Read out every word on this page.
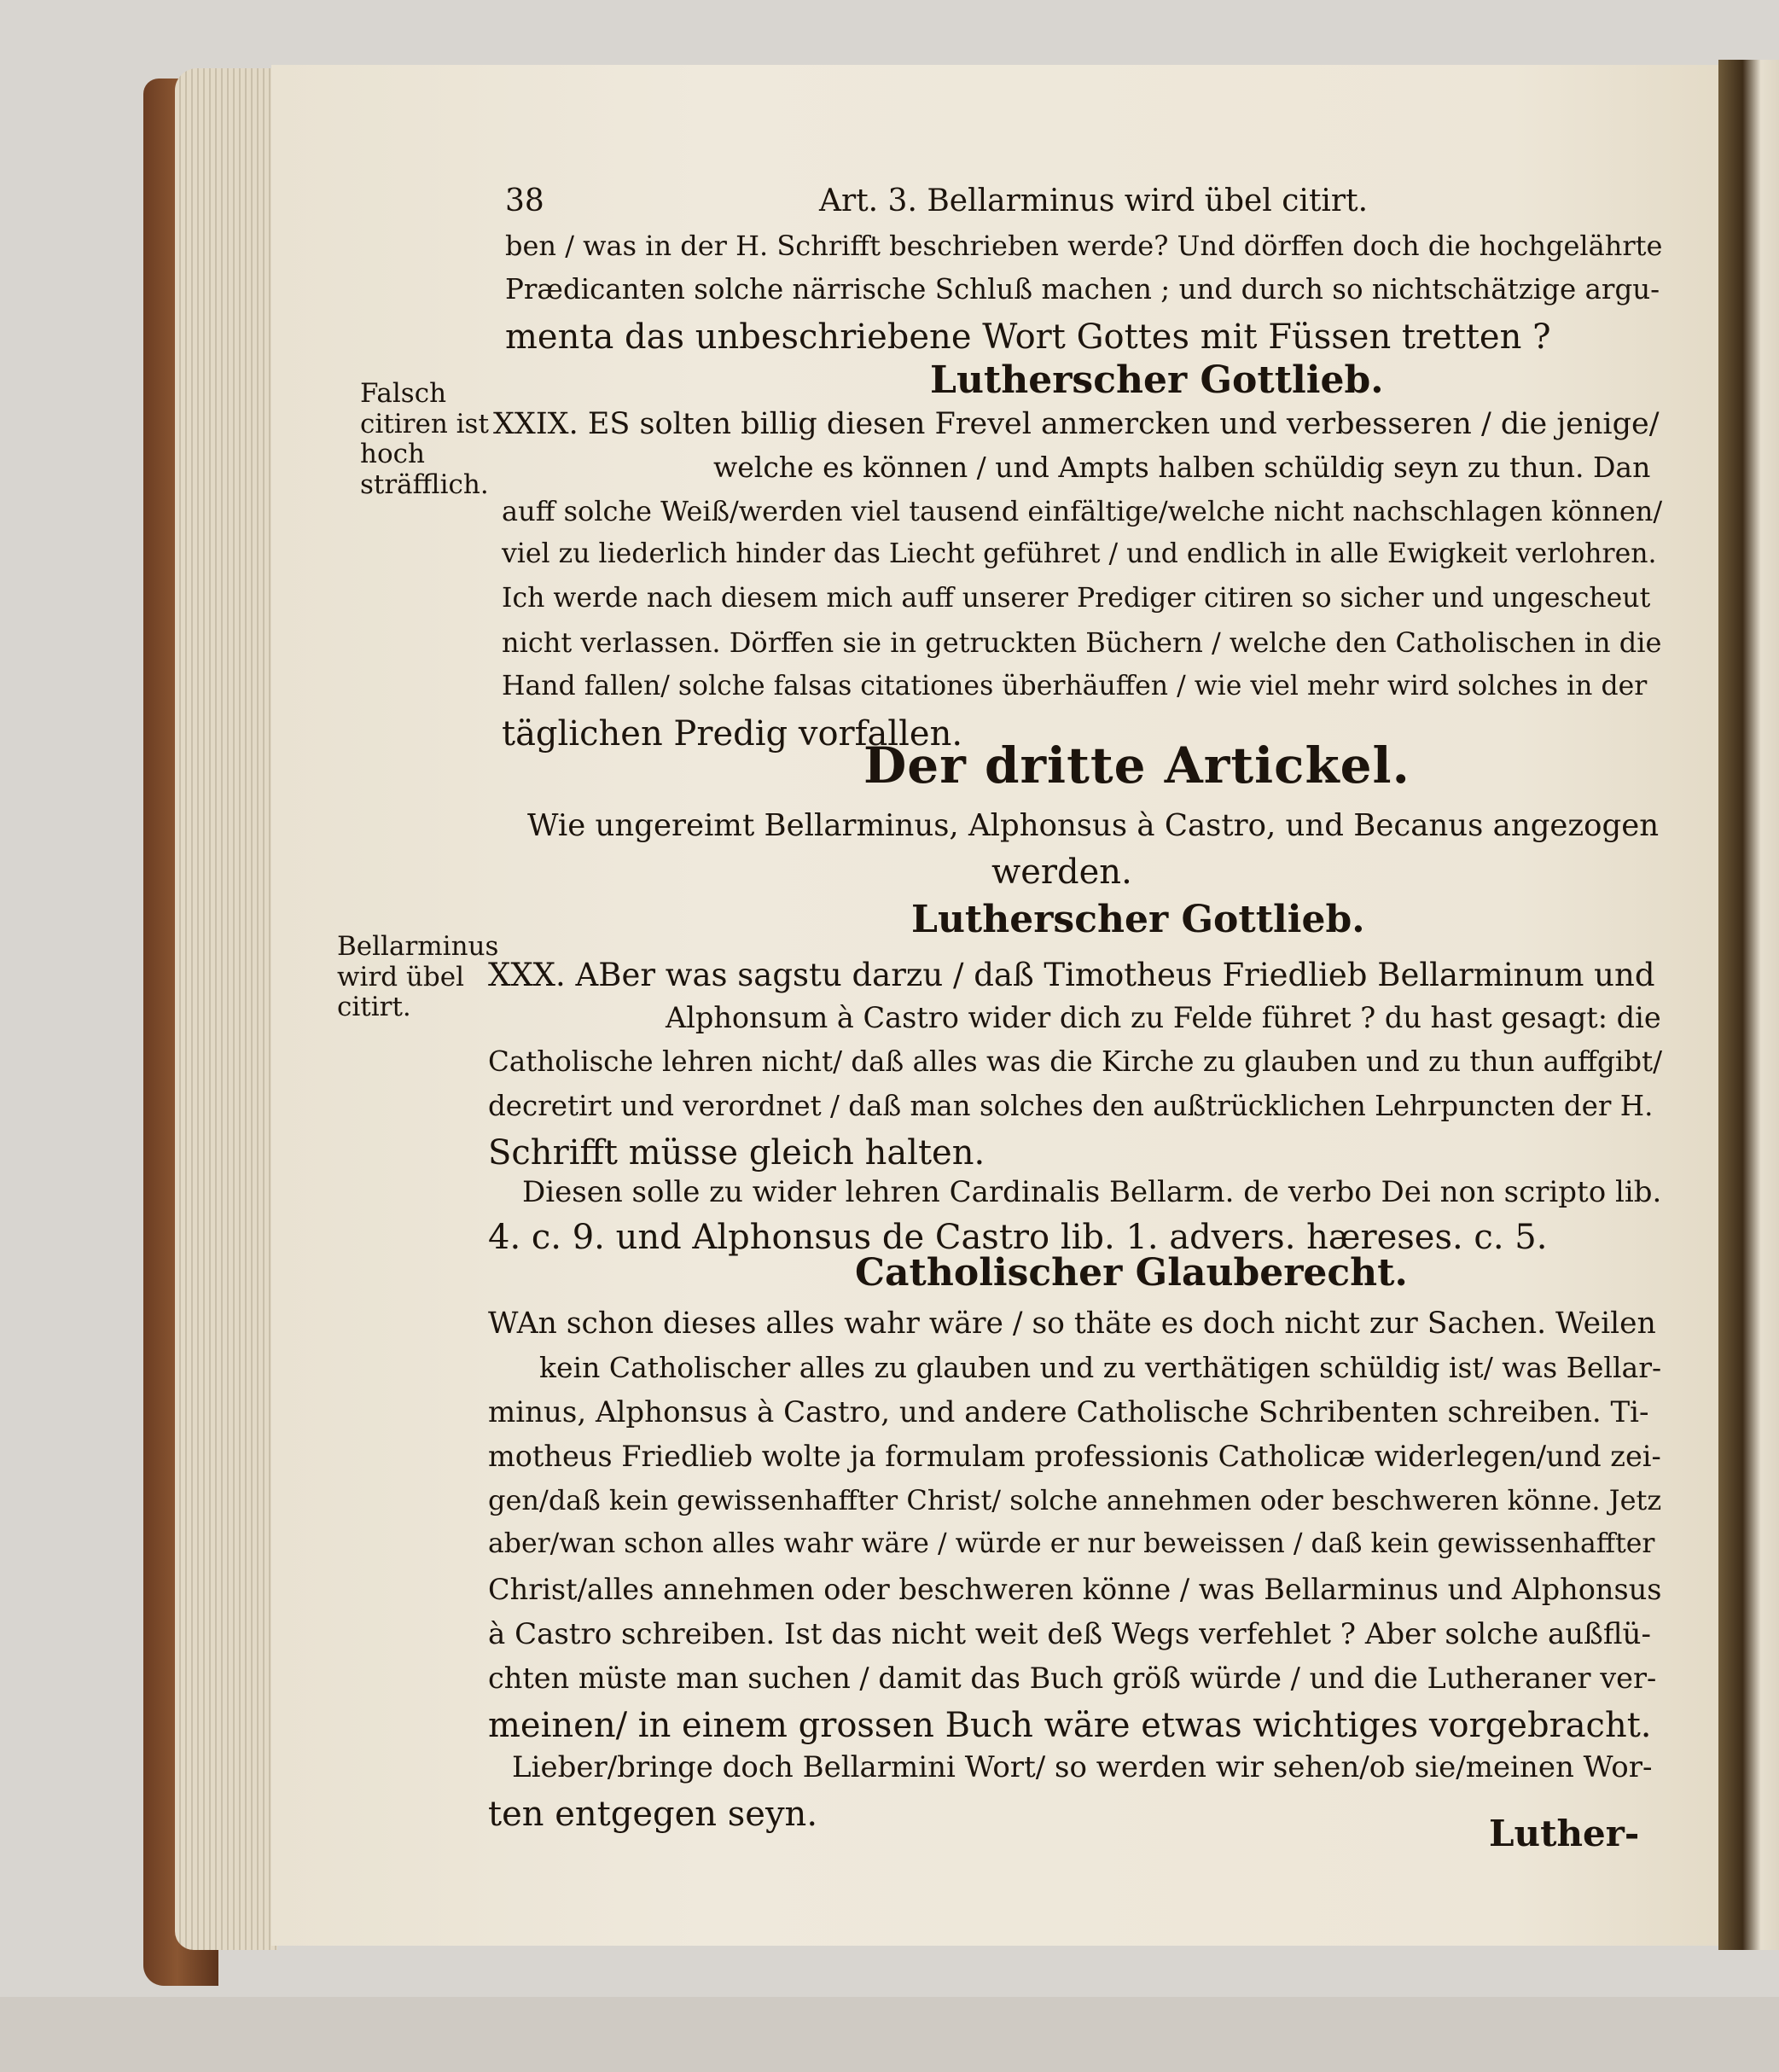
38	Art. 3. Bellarminus wird übel citirt.
ben / was in der H. Schrifft beschrieben werde? Und dörffen doch die hochgelährte
Prædicanten solche närrische Schluß machen ; und durch so nichtschätzige argu-
menta das unbeschriebene Wort Gottes mit Füssen tretten ?
Lutherscher Gottlieb.
Falsch citiren ist hoch sträfflich.
XXIX. ES solten billig diesen Frevel anmercken und verbesseren / die jenige/
welche es können / und Ampts halben schüldig seyn zu thun. Dan
auff solche Weiß/werden viel tausend einfältige/welche nicht nachschlagen können/
viel zu liederlich hinder das Liecht geführet / und endlich in alle Ewigkeit verlohren.
Ich werde nach diesem mich auff unserer Prediger citiren so sicher und ungescheut
nicht verlassen. Dörffen sie in getruckten Büchern / welche den Catholischen in die
Hand fallen/ solche falsas citationes überhäuffen / wie viel mehr wird solches in der
täglichen Predig vorfallen.
Der dritte Artickel.
Wie ungereimt Bellarminus, Alphonsus à Castro, und Becanus angezogen
werden.
Lutherscher Gottlieb.
Bellarminus wird übel citirt.
XXX. ABer was sagstu darzu / daß Timotheus Friedlieb Bellarminum und
Alphonsum à Castro wider dich zu Felde führet ? du hast gesagt: die
Catholische lehren nicht/ daß alles was die Kirche zu glauben und zu thun auffgibt/
decretirt und verordnet / daß man solches den außtrücklichen Lehrpuncten der H.
Schrifft müsse gleich halten.
Diesen solle zu wider lehren Cardinalis Bellarm. de verbo Dei non scripto lib.
4. c. 9. und Alphonsus de Castro lib. 1. advers. hæreses. c. 5.
Catholischer Glauberecht.
WAn schon dieses alles wahr wäre / so thäte es doch nicht zur Sachen. Weilen
kein Catholischer alles zu glauben und zu verthätigen schüldig ist/ was Bellar-
minus, Alphonsus à Castro, und andere Catholische Schribenten schreiben. Ti-
motheus Friedlieb wolte ja formulam professionis Catholicæ widerlegen/und zei-
gen/daß kein gewissenhaffter Christ/ solche annehmen oder beschweren könne. Jetz
aber/wan schon alles wahr wäre / würde er nur beweissen / daß kein gewissenhaffter
Christ/alles annehmen oder beschweren könne / was Bellarminus und Alphonsus
à Castro schreiben. Ist das nicht weit deß Wegs verfehlet ? Aber solche außflü-
chten müste man suchen / damit das Buch größ würde / und die Lutheraner ver-
meinen/ in einem grossen Buch wäre etwas wichtiges vorgebracht.
Lieber/bringe doch Bellarmini Wort/ so werden wir sehen/ob sie/meinen Wor-
ten entgegen seyn.	Luther-
